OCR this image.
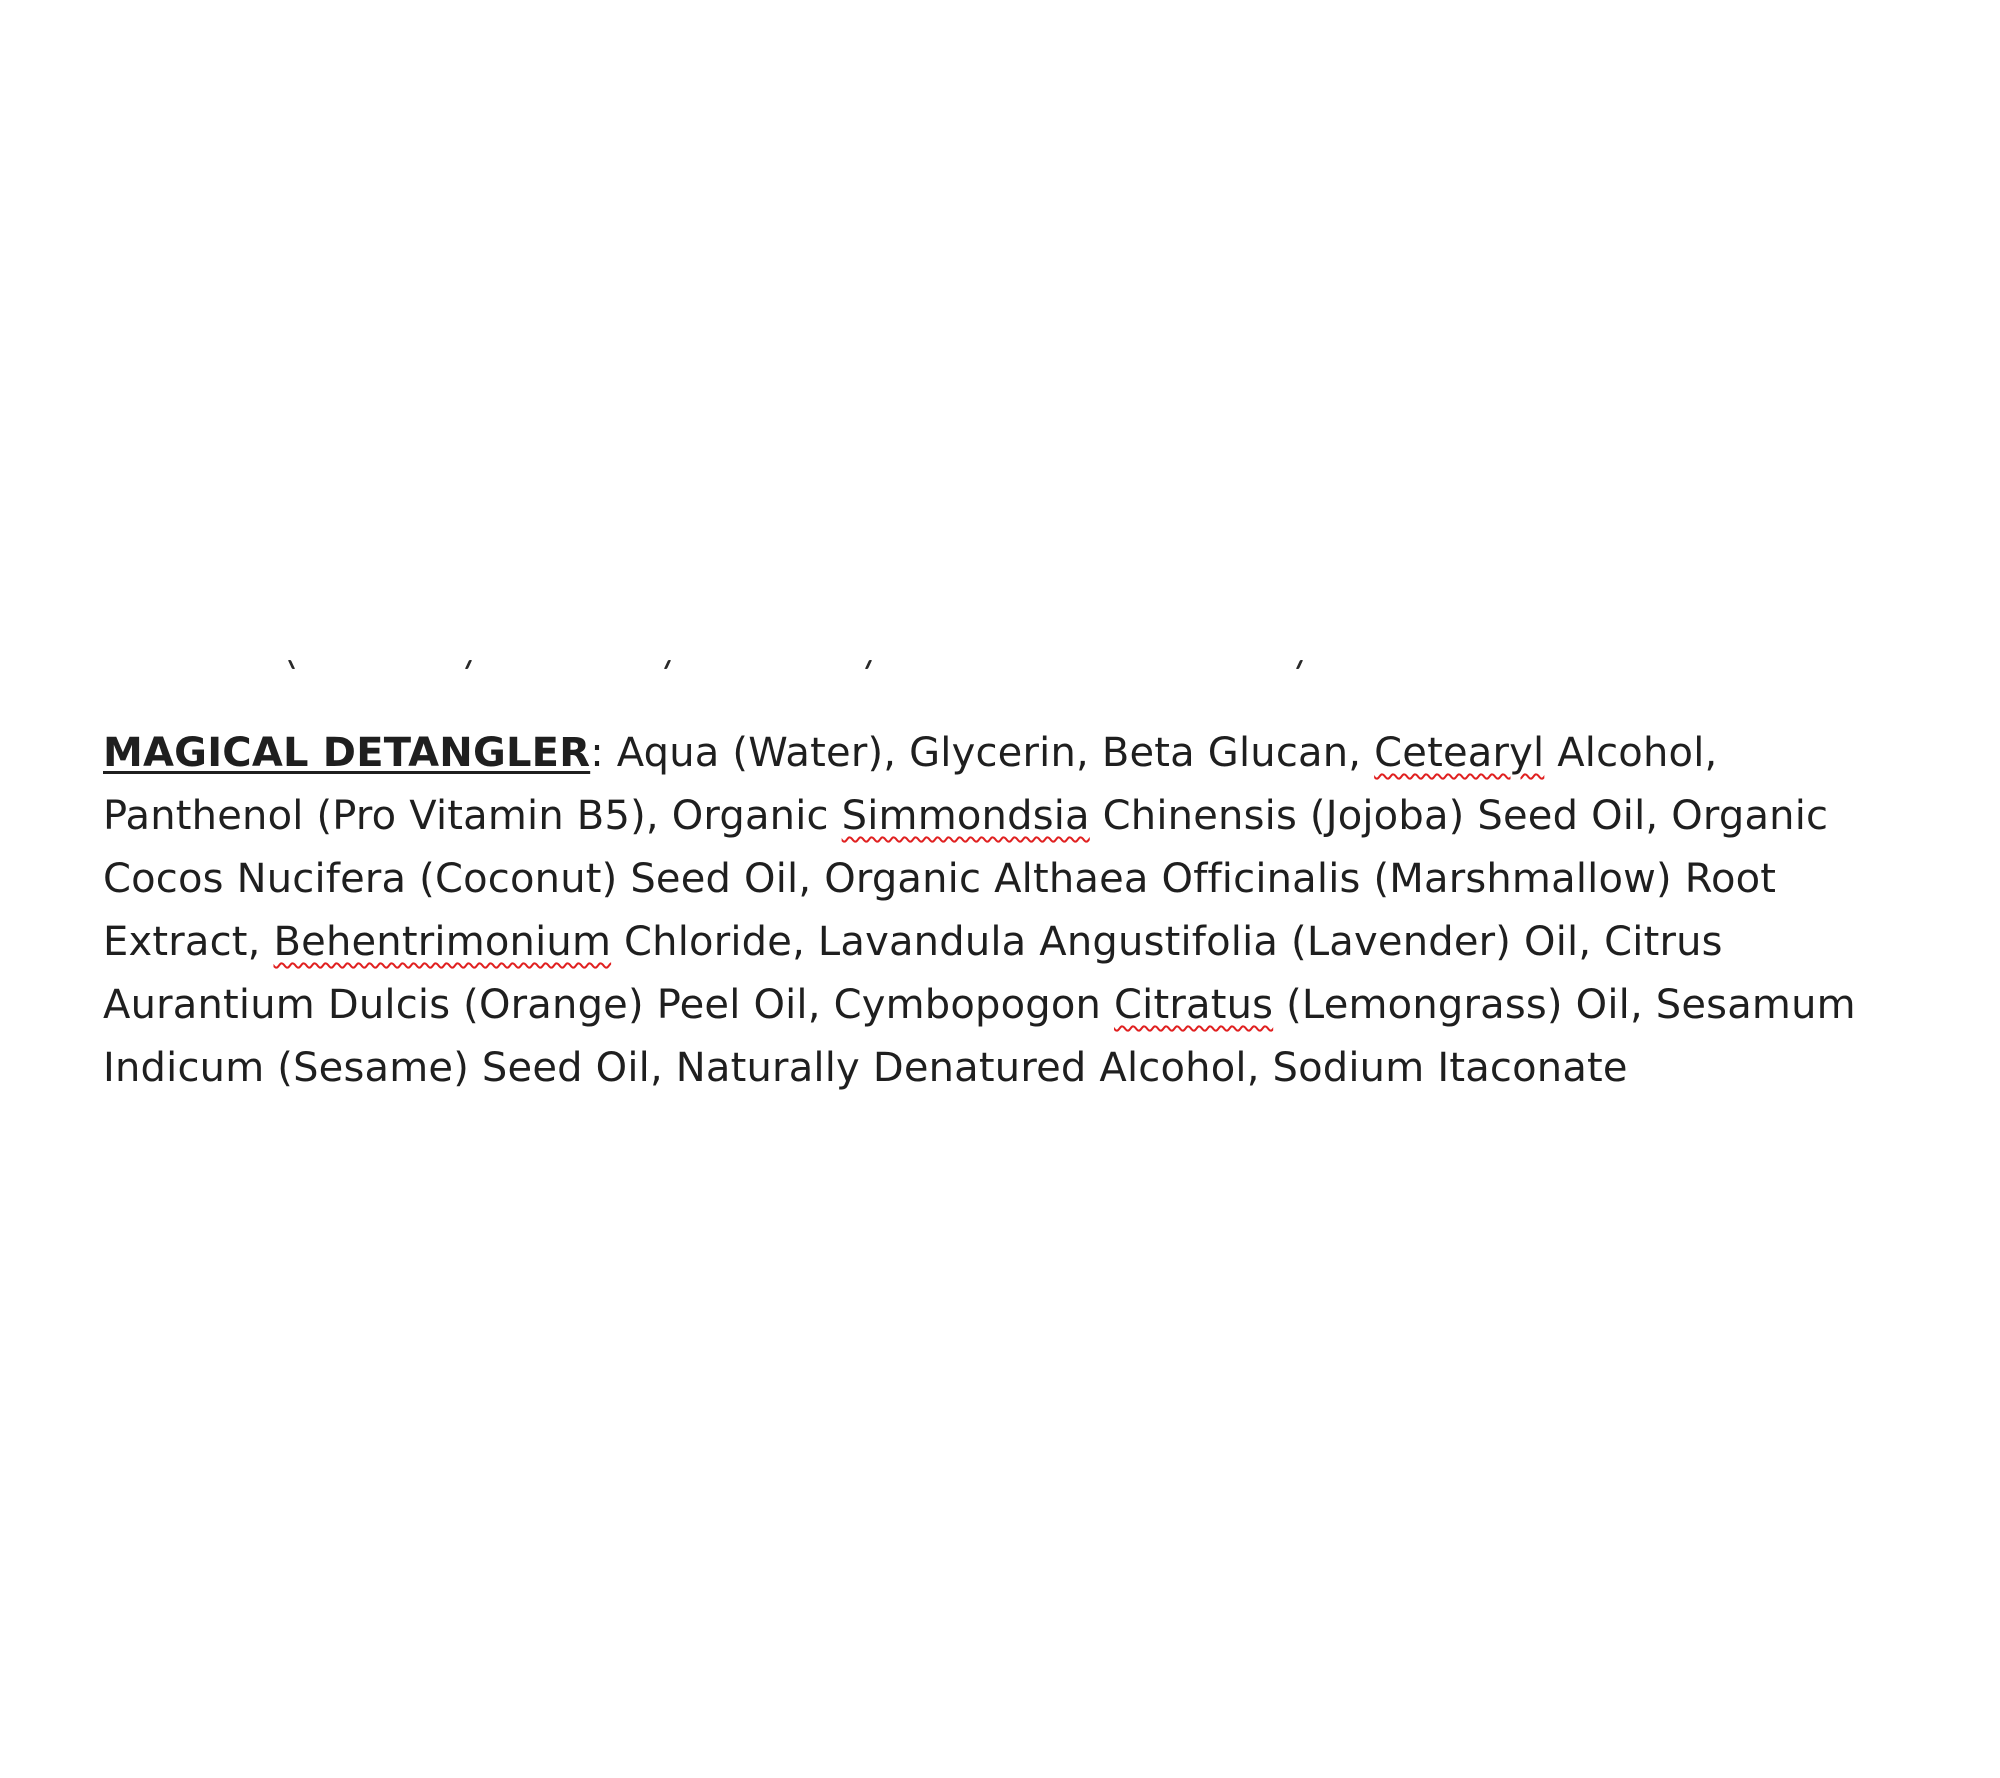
MAGICAL DETANGLER: Aqua (Water), Glycerin, Beta Glucan, Cetearyl Alcohol,
Panthenol (Pro Vitamin B5), Organic Simmondsia Chinensis (Jojoba) Seed Oil, Organic
Cocos Nucifera (Coconut) Seed Oil, Organic Althaea Officinalis (Marshmallow) Root
Extract, Behentrimonium Chloride, Lavandula Angustifolia (Lavender) Oil, Citrus
Aurantium Dulcis (Orange) Peel Oil, Cymbopogon Citratus (Lemongrass) Oil, Sesamum
Indicum (Sesame) Seed Oil, Naturally Denatured Alcohol, Sodium Itaconate
